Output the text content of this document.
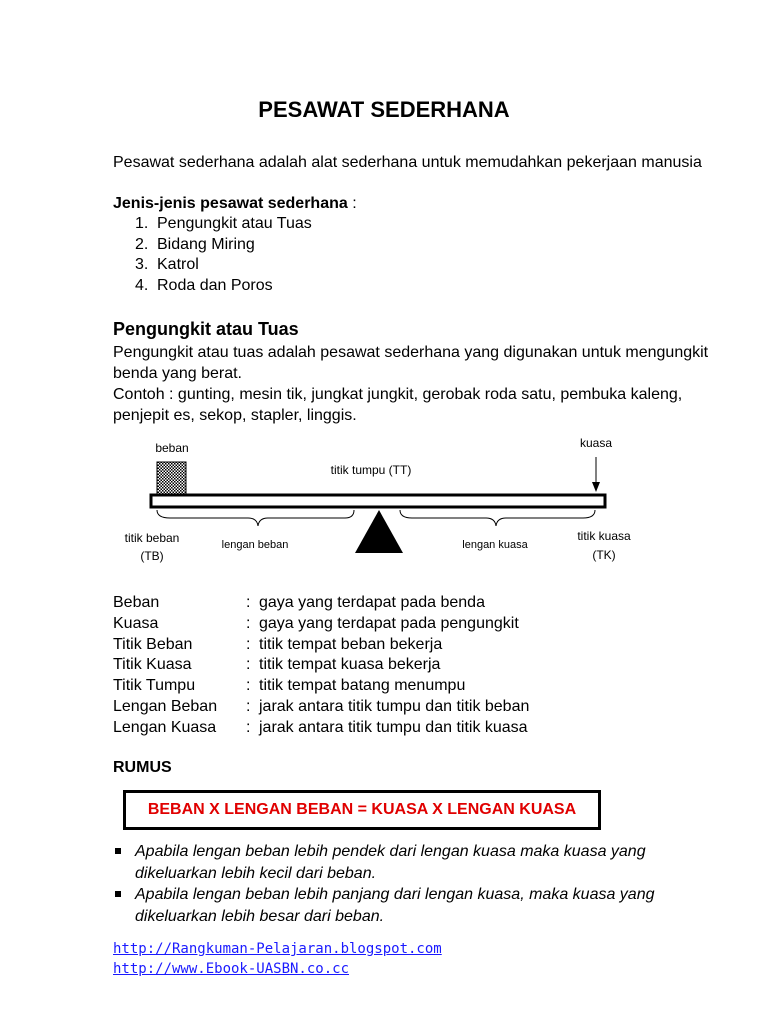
PESAWAT SEDERHANA
Pesawat sederhana adalah alat sederhana untuk memudahkan pekerjaan manusia
Jenis-jenis pesawat sederhana :
1. Pengungkit atau Tuas
2. Bidang Miring
3. Katrol
4. Roda dan Poros
Pengungkit atau Tuas
Pengungkit atau tuas adalah pesawat sederhana yang digunakan untuk mengungkit
benda yang berat.
Contoh : gunting, mesin tik, jungkat jungkit, gerobak roda satu, pembuka kaleng,
penjepit es, sekop, stapler, linggis.
beban	kuasa
titik tumpu (TT)
titik beban
(TB)
lengan beban	lengan kuasa
titik kuasa
(TK)
Beban	: gaya yang terdapat pada benda
Kuasa	: gaya yang terdapat pada pengungkit
Titik Beban	: titik tempat beban bekerja
Titik Kuasa	: titik tempat kuasa bekerja
Titik Tumpu	: titik tempat batang menumpu
Lengan Beban : jarak antara titik tumpu dan titik beban
Lengan Kuasa : jarak antara titik tumpu dan titik kuasa
RUMUS
BEBAN X LENGAN BEBAN = KUASA X LENGAN KUASA
Apabila lengan beban lebih pendek dari lengan kuasa maka kuasa yang
dikeluarkan lebih kecil dari beban.
Apabila lengan beban lebih panjang dari lengan kuasa, maka kuasa yang
dikeluarkan lebih besar dari beban.
http://Rangkuman-Pelajaran.blogspot.com
http://www.Ebook-UASBN.co.cc
